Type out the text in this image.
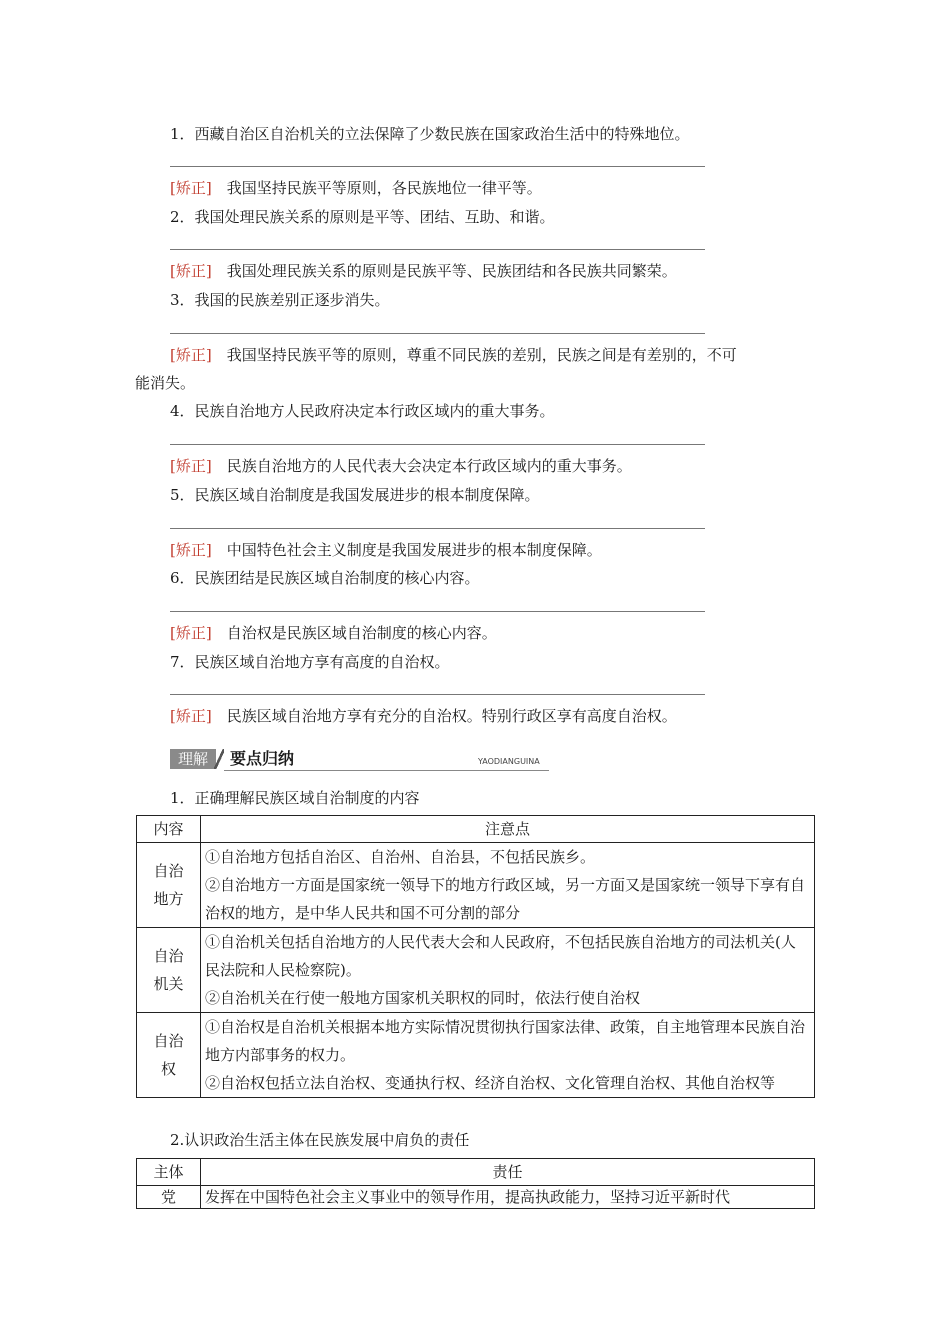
1．西藏自治区自治机关的立法保障了少数民族在国家政治生活中的特殊地位。
[矫正]　 我国坚持民族平等原则，各民族地位一律平等。
2．我国处理民族关系的原则是平等、团结、互助、和谐。
[矫正]　 我国处理民族关系的原则是民族平等、民族团结和各民族共同繁荣。
3．我国的民族差别正逐步消失。
[矫正]　 我国坚持民族平等的原则，尊重不同民族的差别，民族之间是有差别的，不可
能消失。
4．民族自治地方人民政府决定本行政区域内的重大事务。
[矫正]　 民族自治地方的人民代表大会决定本行政区域内的重大事务。
5．民族区域自治制度是我国发展进步的根本制度保障。
[矫正]　 中国特色社会主义制度是我国发展进步的根本制度保障。
6．民族团结是民族区域自治制度的核心内容。
[矫正]　 自治权是民族区域自治制度的核心内容。
7．民族区域自治地方享有高度的自治权。
[矫正]　 民族区域自治地方享有充分的自治权。特别行政区享有高度自治权。
理解	要点归纳	YAODIANGUINA
1．正确理解民族区域自治制度的内容
内容	注意点

自治地方	①自治地方包括自治区、自治州、自治县，不包括民族乡。
②自治地方一方面是国家统一领导下的地方行政区域，另一方面又是国家统一领导下享有自治权的地方，是中华人民共和国不可分割的部分

自治机关	①自治机关包括自治地方的人民代表大会和人民政府，不包括民族自治地方的司法机关(人民法院和人民检察院)。
②自治机关在行使一般地方国家机关职权的同时，依法行使自治权

自治权	①自治权是自治机关根据本地方实际情况贯彻执行国家法律、政策，自主地管理本民族自治地方内部事务的权力。
②自治权包括立法自治权、变通执行权、经济自治权、文化管理自治权、其他自治权等
2.认识政治生活主体在民族发展中肩负的责任
主体	责任
党	发挥在中国特色社会主义事业中的领导作用，提高执政能力，坚持习近平新时代
